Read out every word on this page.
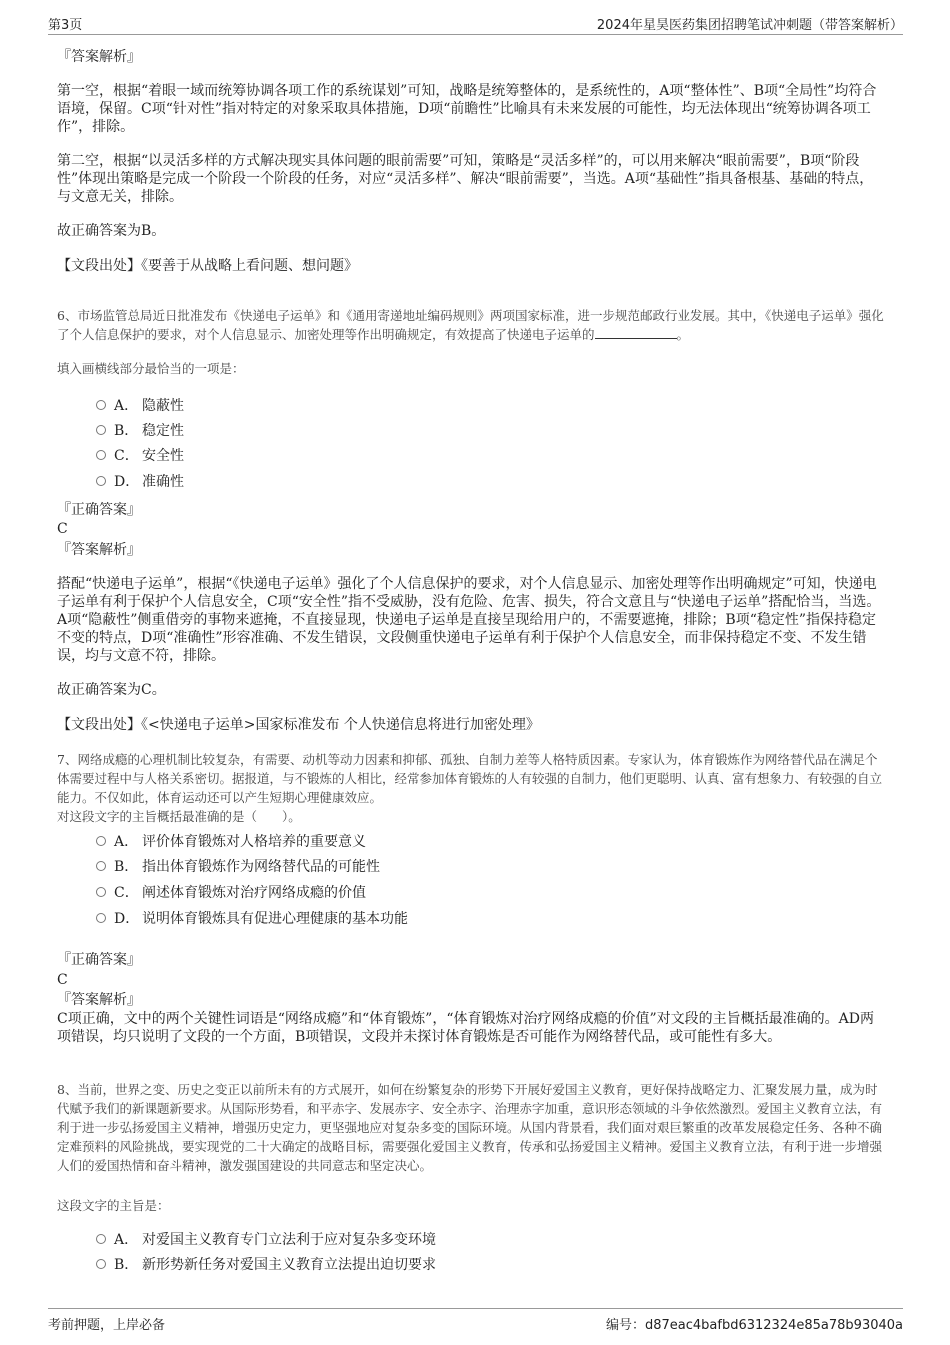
第3页	2024年星昊医药集团招聘笔试冲刺题（带答案解析）
『答案解析』
第一空，根据“着眼一域而统筹协调各项工作的系统谋划”可知，战略是统筹整体的，是系统性的，A项“整体性”、B项“全局性”均符合语境，保留。C项“针对性”指对特定的对象采取具体措施，D项“前瞻性”比喻具有未来发展的可能性，均无法体现出“统筹协调各项工作”，排除。
第二空，根据“以灵活多样的方式解决现实具体问题的眼前需要”可知，策略是“灵活多样”的，可以用来解决“眼前需要”，B项“阶段性”体现出策略是完成一个阶段一个阶段的任务，对应“灵活多样”、解决“眼前需要”，当选。A项“基础性”指具备根基、基础的特点，与文意无关，排除。
故正确答案为B。
【文段出处】《要善于从战略上看问题、想问题》
6、市场监管总局近日批准发布《快递电子运单》和《通用寄递地址编码规则》两项国家标准，进一步规范邮政行业发展。其中，《快递电子运单》强化了个人信息保护的要求，对个人信息显示、加密处理等作出明确规定，有效提高了快递电子运单的	。
填入画横线部分最恰当的一项是：
A． 隐蔽性
B． 稳定性
C． 安全性
D． 准确性
『正确答案』
C
『答案解析』
搭配“快递电子运单”，根据“《快递电子运单》强化了个人信息保护的要求，对个人信息显示、加密处理等作出明确规定”可知，快递电子运单有利于保护个人信息安全，C项“安全性”指不受威胁，没有危险、危害、损失，符合文意且与“快递电子运单”搭配恰当，当选。A项“隐蔽性”侧重借旁的事物来遮掩，不直接显现，快递电子运单是直接呈现给用户的，不需要遮掩，排除；B项“稳定性”指保持稳定不变的特点，D项“准确性”形容准确、不发生错误，文段侧重快递电子运单有利于保护个人信息安全，而非保持稳定不变、不发生错误，均与文意不符，排除。
故正确答案为C。
【文段出处】《<快递电子运单>国家标准发布 个人快递信息将进行加密处理》
7、网络成瘾的心理机制比较复杂，有需要、动机等动力因素和抑郁、孤独、自制力差等人格特质因素。专家认为，体育锻炼作为网络替代品在满足个体需要过程中与人格关系密切。据报道，与不锻炼的人相比，经常参加体育锻炼的人有较强的自制力，他们更聪明、认真、富有想象力、有较强的自立能力。不仅如此，体育运动还可以产生短期心理健康效应。
对这段文字的主旨概括最准确的是（　　）。
A． 评价体育锻炼对人格培养的重要意义
B． 指出体育锻炼作为网络替代品的可能性
C． 阐述体育锻炼对治疗网络成瘾的价值
D． 说明体育锻炼具有促进心理健康的基本功能
『正确答案』
C
『答案解析』
C项正确，文中的两个关键性词语是“网络成瘾”和“体育锻炼”，“体育锻炼对治疗网络成瘾的价值”对文段的主旨概括最准确的。AD两项错误，均只说明了文段的一个方面，B项错误，文段并未探讨体育锻炼是否可能作为网络替代品，或可能性有多大。
8、当前，世界之变、历史之变正以前所未有的方式展开，如何在纷繁复杂的形势下开展好爱国主义教育，更好保持战略定力、汇聚发展力量，成为时代赋予我们的新课题新要求。从国际形势看，和平赤字、发展赤字、安全赤字、治理赤字加重，意识形态领域的斗争依然激烈。爱国主义教育立法，有利于进一步弘扬爱国主义精神，增强历史定力，更坚强地应对复杂多变的国际环境。从国内背景看，我们面对艰巨繁重的改革发展稳定任务、各种不确定难预料的风险挑战，要实现党的二十大确定的战略目标，需要强化爱国主义教育，传承和弘扬爱国主义精神。爱国主义教育立法，有利于进一步增强人们的爱国热情和奋斗精神，激发强国建设的共同意志和坚定决心。
这段文字的主旨是：
A． 对爱国主义教育专门立法利于应对复杂多变环境
B． 新形势新任务对爱国主义教育立法提出迫切要求
考前押题，上岸必备	编号：d87eac4bafbd6312324e85a78b93040a
